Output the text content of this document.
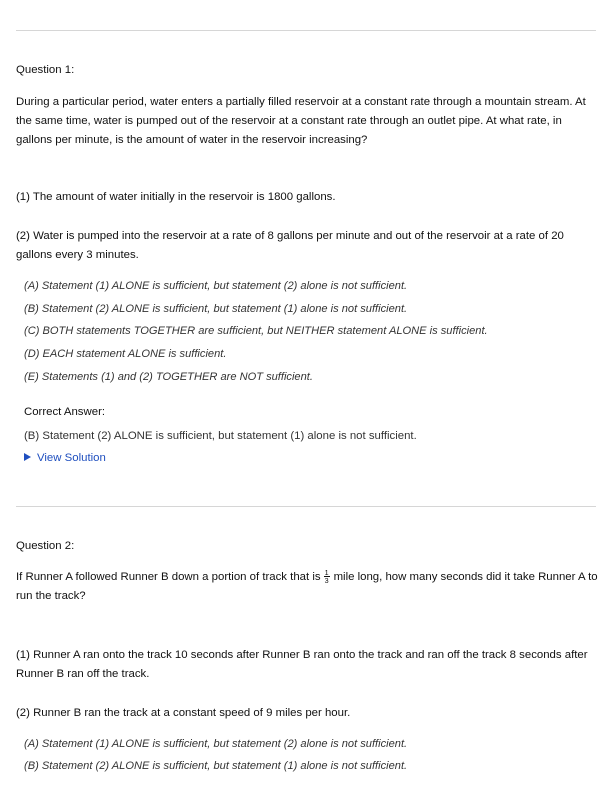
Question 1:

During a particular period, water enters a partially filled reservoir at a constant rate through a mountain stream. At the same time, water is pumped out of the reservoir at a constant rate through an outlet pipe. At what rate, in gallons per minute, is the amount of water in the reservoir increasing?

(1) The amount of water initially in the reservoir is 1800 gallons.

(2) Water is pumped into the reservoir at a rate of 8 gallons per minute and out of the reservoir at a rate of 20 gallons every 3 minutes.

(A) Statement (1) ALONE is sufficient, but statement (2) alone is not sufficient.

(B) Statement (2) ALONE is sufficient, but statement (1) alone is not sufficient.

(C) BOTH statements TOGETHER are sufficient, but NEITHER statement ALONE is sufficient.

(D) EACH statement ALONE is sufficient.

(E) Statements (1) and (2) TOGETHER are NOT sufficient.

Correct Answer:

(B) Statement (2) ALONE is sufficient, but statement (1) alone is not sufficient.

View Solution

Question 2:

If Runner A followed Runner B down a portion of track that is $\frac{1}{3}$ mile long, how many seconds did it take Runner A to run the track?

(1) Runner A ran onto the track 10 seconds after Runner B ran onto the track and ran off the track 8 seconds after Runner B ran off the track.

(2) Runner B ran the track at a constant speed of 9 miles per hour.

(A) Statement (1) ALONE is sufficient, but statement (2) alone is not sufficient.

(B) Statement (2) ALONE is sufficient, but statement (1) alone is not sufficient.
